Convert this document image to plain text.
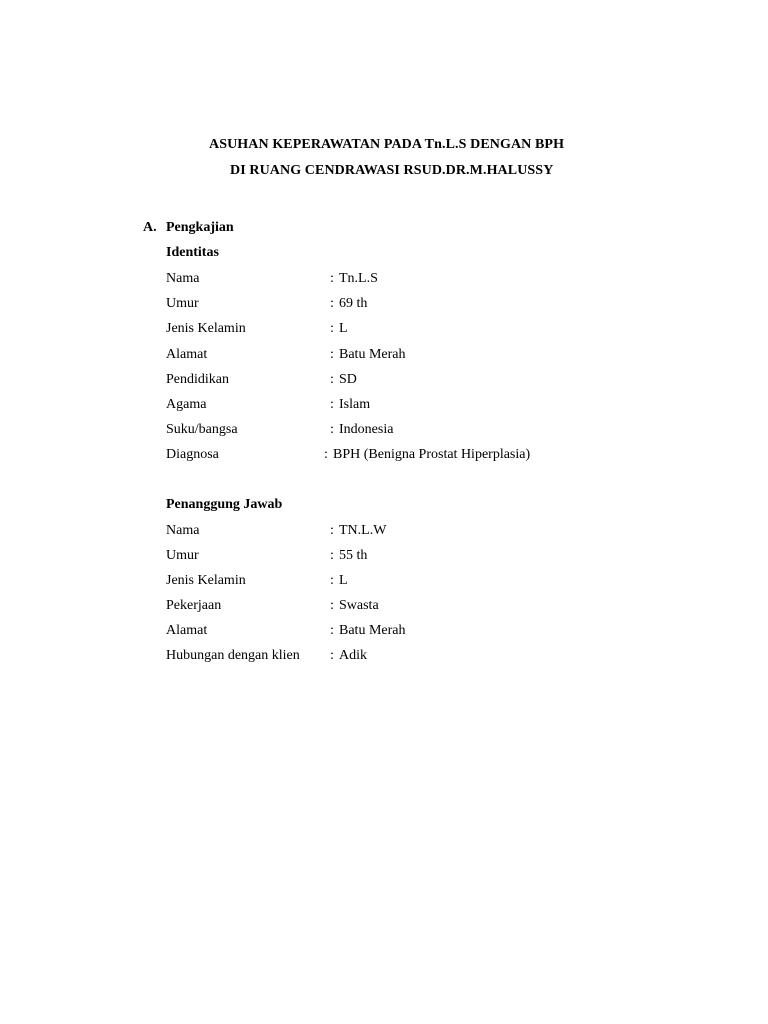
ASUHAN KEPERAWATAN PADA Tn.L.S DENGAN BPH
DI RUANG CENDRAWASI RSUD.DR.M.HALUSSY
A. Pengkajian
Identitas
Nama	: Tn.L.S
Umur	: 69 th
Jenis Kelamin	: L
Alamat	: Batu Merah
Pendidikan	: SD
Agama	: Islam
Suku/bangsa	: Indonesia
Diagnosa	: BPH (Benigna Prostat Hiperplasia)
Penanggung Jawab
Nama	: TN.L.W
Umur	: 55 th
Jenis Kelamin	: L
Pekerjaan	: Swasta
Alamat	: Batu Merah
Hubungan dengan klien : Adik
